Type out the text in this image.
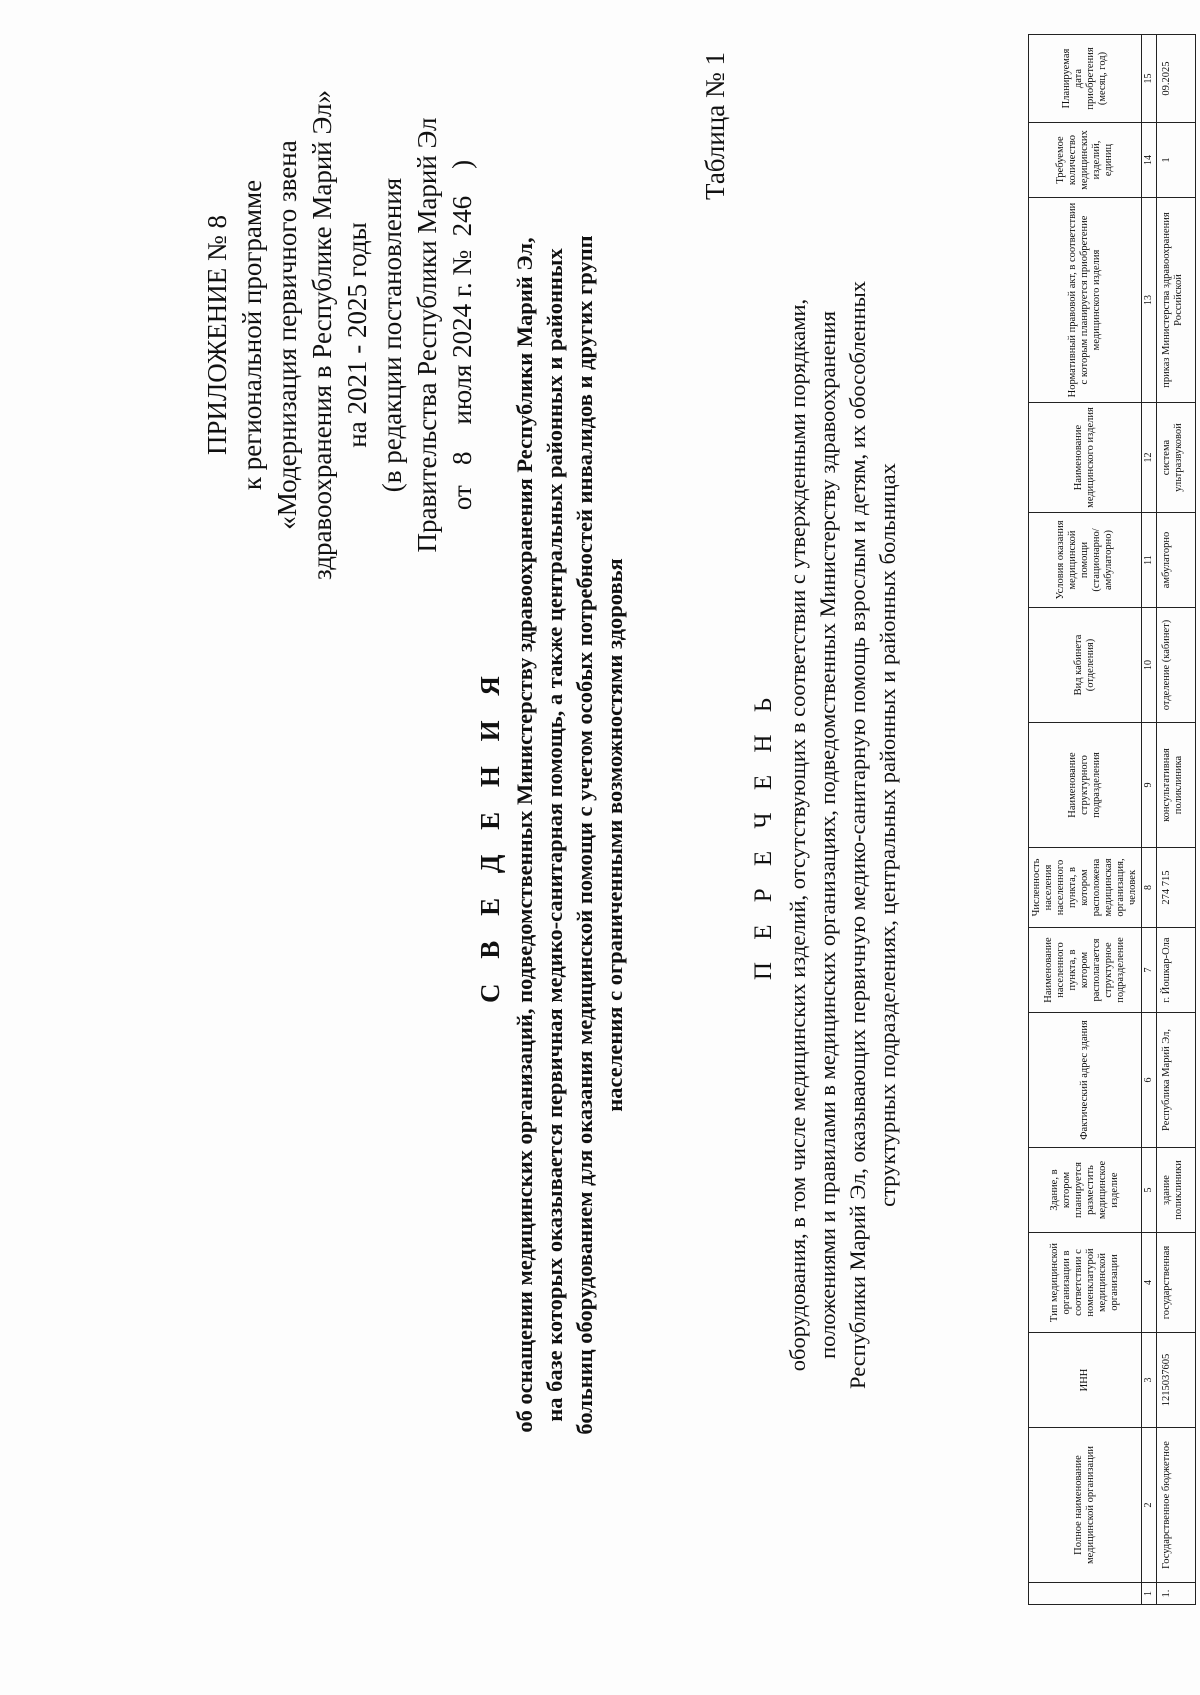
ПРИЛОЖЕНИЕ № 8 к региональной программе «Модернизация первичного звена здравоохранения в Республике Марий Эл» на 2021 - 2025 годы (в редакции постановления Правительства Республики Марий Эл от   8    июля 2024 г. №  246    )
Таблица № 1
С В Е Д Е Н И Я об оснащении медицинских организаций, подведомственных Министерству здравоохранения Республики Марий Эл, на базе которых оказывается первичная медико-санитарная помощь, а также центральных районных и районных больниц оборудованием для оказания медицинской помощи с учетом особых потребностей инвалидов и других групп населения с ограниченными возможностями здоровья	П Е Р Е Ч Е Н Ь оборудования, в том числе медицинских изделий, отсутствующих в соответствии с утвержденными порядками, положениями и правилами в медицинских организациях, подведомственных Министерству здравоохранения Республики Марий Эл, оказывающих первичную медико-санитарную помощь взрослым и детям, их обособленных структурных подразделениях, центральных районных и районных больницах
	Полное наименование медицинской организации	ИНН	Тип медицинской организации в соответствии с номенклатурой медицинской организации	Здание, в котором планируется разместить медицинское изделие	Фактический адрес здания	Наименование населенного пункта, в котором располагается структурное подразделение	Численность населения населенного пункта, в котором расположена медицинская организация, человек	Наименование структурного подразделения	Вид кабинета (отделения)	Условия оказания медицинской помощи (стационарно/ амбулаторно)	Наименование медицинского изделия	Нормативный правовой акт, в соответствии с которым планируется приобретение медицинского изделия	Требуемое количество медицинских изделий, единиц	Планируемая дата приобретения (месяц, год)
1	2	3	4	5	6	7	8	9	10	11	12	13	14	15
1.	Государственное бюджетное	1215037605	государственная	здание поликлиники	Республика Марий Эл,	г. Йошкар-Ола	274 715	консультативная поликлиника	отделение (кабинет)	амбулаторно	система ультразвуковой	приказ Министерства здравоохранения Российской	1	09.2025
